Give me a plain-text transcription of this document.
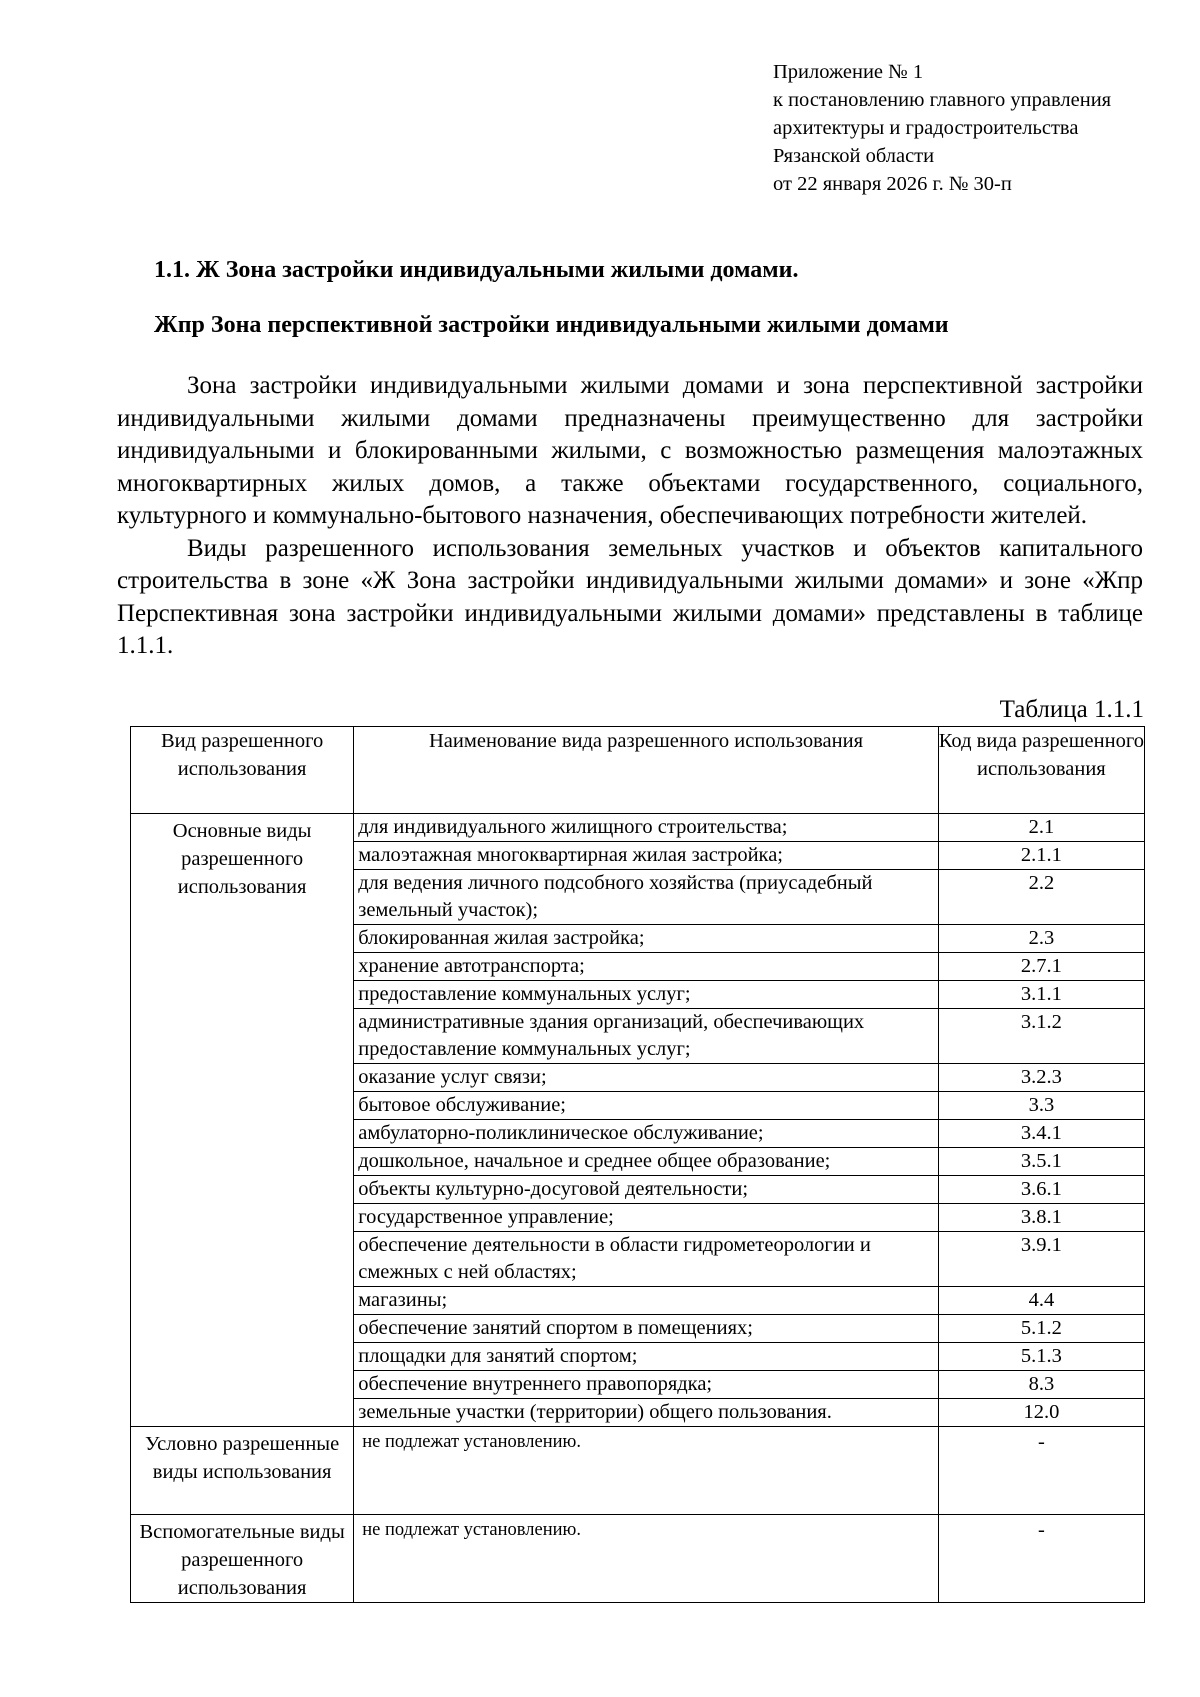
Приложение № 1
к постановлению главного управления
архитектуры и градостроительства
Рязанской области
от 22 января 2026 г. № 30-п
1.1. Ж Зона застройки индивидуальными жилыми домами.
Жпр Зона перспективной застройки индивидуальными жилыми домами

Зона застройки индивидуальными жилыми домами и зона перспективной застройки индивидуальными жилыми домами предназначены преимущественно для застройки индивидуальными и блокированными жилыми, с возможностью размещения малоэтажных многоквартирных жилых домов, а также объектами государственного, социального, культурного и коммунально-бытового назначения, обеспечивающих потребности жителей.

Виды разрешенного использования земельных участков и объектов капитального строительства в зоне «Ж Зона застройки индивидуальными жилыми домами» и зоне «Жпр Перспективная зона застройки индивидуальными жилыми домами» представлены в таблице 1.1.1.

Таблица 1.1.1
Вид разрешенного использования	Наименование вида разрешенного использования	Код вида разрешенного использования
Основные виды разрешенного использования	для индивидуального жилищного строительства;	2.1
	малоэтажная многоквартирная жилая застройка;	2.1.1
	для ведения личного подсобного хозяйства (приусадебный земельный участок);	2.2
	блокированная жилая застройка;	2.3
	хранение автотранспорта;	2.7.1
	предоставление коммунальных услуг;	3.1.1
	административные здания организаций, обеспечивающих предоставление коммунальных услуг;	3.1.2
	оказание услуг связи;	3.2.3
	бытовое обслуживание;	3.3
	амбулаторно-поликлиническое обслуживание;	3.4.1
	дошкольное, начальное и среднее общее образование;	3.5.1
	объекты культурно-досуговой деятельности;	3.6.1
	государственное управление;	3.8.1
	обеспечение деятельности в области гидрометеорологии и смежных с ней областях;	3.9.1
	магазины;	4.4
	обеспечение занятий спортом в помещениях;	5.1.2
	площадки для занятий спортом;	5.1.3
	обеспечение внутреннего правопорядка;	8.3
	земельные участки (территории) общего пользования.	12.0
Условно разрешенные виды использования	не подлежат установлению.	-
Вспомогательные виды разрешенного использования	не подлежат установлению.	-
